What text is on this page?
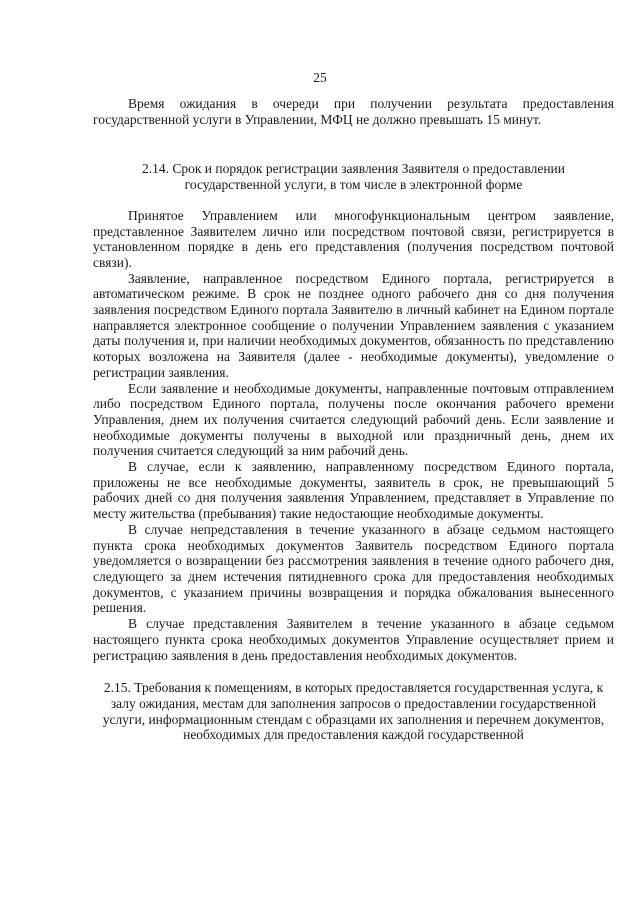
25

Время ожидания в очереди при получении результата предоставления государственной услуги в Управлении, МФЦ не должно превышать 15 минут.

2.14. Срок и порядок регистрации заявления Заявителя о предоставлении государственной услуги, в том числе в электронной форме

Принятое Управлением или многофункциональным центром заявление, представленное Заявителем лично или посредством почтовой связи, регистрируется в установленном порядке в день его представления (получения посредством почтовой связи).

Заявление, направленное посредством Единого портала, регистрируется в автоматическом режиме. В срок не позднее одного рабочего дня со дня получения заявления посредством Единого портала Заявителю в личный кабинет на Едином портале направляется электронное сообщение о получении Управлением заявления с указанием даты получения и, при наличии необходимых документов, обязанность по представлению которых возложена на Заявителя (далее - необходимые документы), уведомление о регистрации заявления.

Если заявление и необходимые документы, направленные почтовым отправлением либо посредством Единого портала, получены после окончания рабочего времени Управления, днем их получения считается следующий рабочий день. Если заявление и необходимые документы получены в выходной или праздничный день, днем их получения считается следующий за ним рабочий день.

В случае, если к заявлению, направленному посредством Единого портала, приложены не все необходимые документы, заявитель в срок, не превышающий 5 рабочих дней со дня получения заявления Управлением, представляет в Управление по месту жительства (пребывания) такие недостающие необходимые документы.

В случае непредставления в течение указанного в абзаце седьмом настоящего пункта срока необходимых документов Заявитель посредством Единого портала уведомляется о возвращении без рассмотрения заявления в течение одного рабочего дня, следующего за днем истечения пятидневного срока для предоставления необходимых документов, с указанием причины возвращения и порядка обжалования вынесенного решения.

В случае представления Заявителем в течение указанного в абзаце седьмом настоящего пункта срока необходимых документов Управление осуществляет прием и регистрацию заявления в день предоставления необходимых документов.

2.15. Требования к помещениям, в которых предоставляется государственная услуга, к залу ожидания, местам для заполнения запросов о предоставлении государственной услуги, информационным стендам с образцами их заполнения и перечнем документов, необходимых для предоставления каждой государственной
